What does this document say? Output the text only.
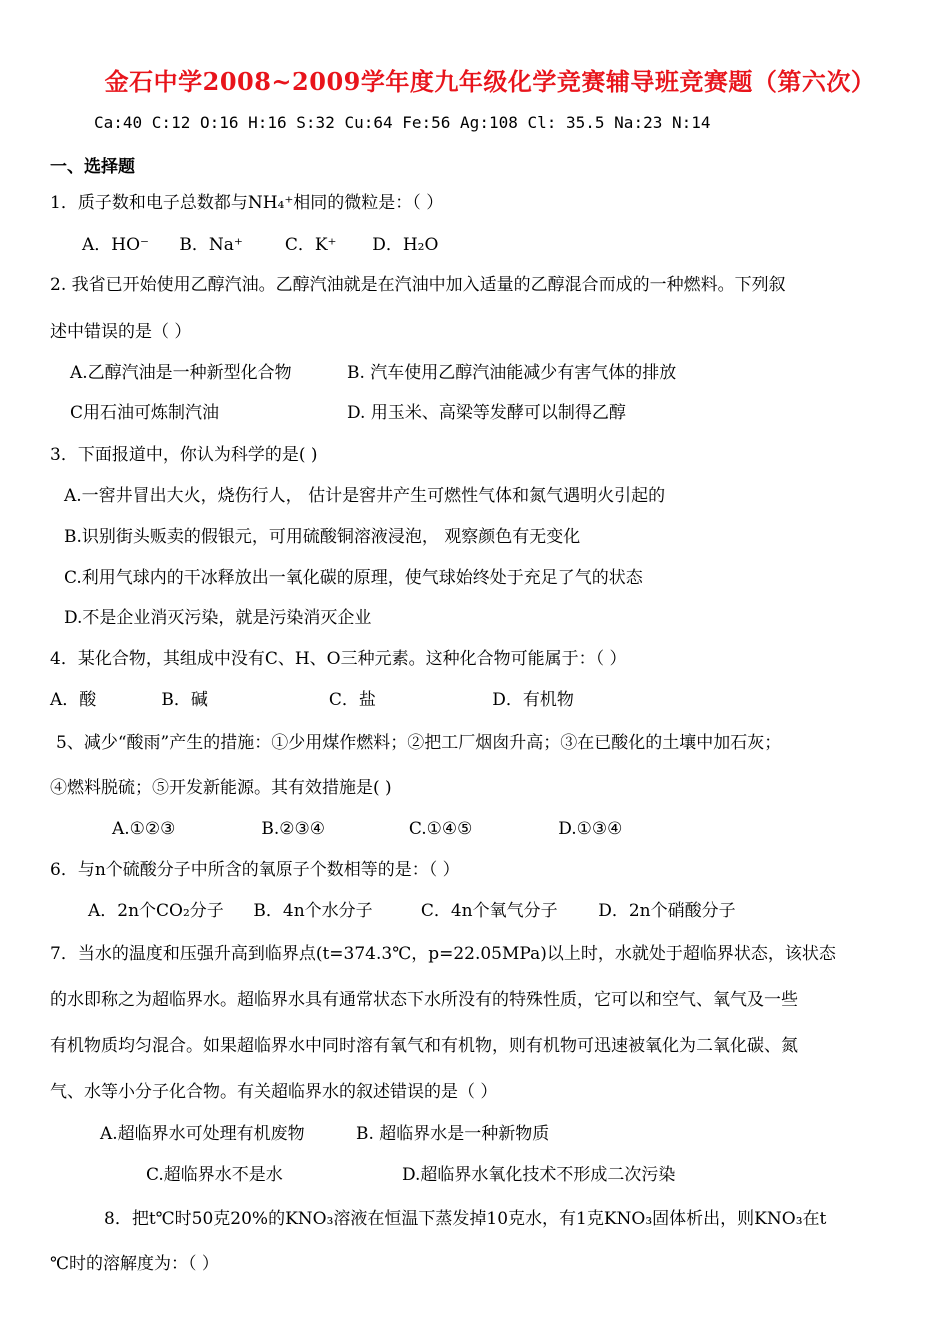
金石中学2008~2009学年度九年级化学竞赛辅导班竞赛题（第六次）
Ca:40 C:12 O:16 H:16 S:32 Cu:64 Fe:56 Ag:108 Cl: 35.5 Na:23 N:14
一、选择题
1．质子数和电子总数都与NH₄⁺相同的微粒是：（ ）
A．HO⁻ B．Na⁺ C．K⁺ D．H₂O
2. 我省已开始使用乙醇汽油。乙醇汽油就是在汽油中加入适量的乙醇混合而成的一种燃料。下列叙
述中错误的是（ ）
A.乙醇汽油是一种新型化合物	B. 汽车使用乙醇汽油能减少有害气体的排放
C用石油可炼制汽油	D. 用玉米、高梁等发酵可以制得乙醇
3．下面报道中，你认为科学的是( )
A.一窖井冒出大火，烧伤行人， 估计是窖井产生可燃性气体和氮气遇明火引起的
B.识别街头贩卖的假银元，可用硫酸铜溶液浸泡， 观察颜色有无变化
C.利用气球内的干冰释放出一氧化碳的原理，使气球始终处于充足了气的状态
D.不是企业消灭污染，就是污染消灭企业
4．某化合物，其组成中没有C、H、O三种元素。这种化合物可能属于：（ ）
A．酸	B．碱	C．盐	D．有机物
5、减少“酸雨”产生的措施：①少用煤作燃料；②把工厂烟囱升高；③在已酸化的土壤中加石灰；
④燃料脱硫；⑤开发新能源。其有效措施是( )
A.①②③	B.②③④	C.①④⑤	D.①③④
6．与n个硫酸分子中所含的氧原子个数相等的是：（ ）
A．2n个CO₂分子 B．4n个水分子	C．4n个氧气分子 D．2n个硝酸分子
7．当水的温度和压强升高到临界点(t=374.3℃，p=22.05MPa)以上时，水就处于超临界状态，该状态
的水即称之为超临界水。超临界水具有通常状态下水所没有的特殊性质，它可以和空气、氧气及一些
有机物质均匀混合。如果超临界水中同时溶有氧气和有机物，则有机物可迅速被氧化为二氧化碳、氮
气、水等小分子化合物。有关超临界水的叙述错误的是（ ）
A.超临界水可处理有机废物	B. 超临界水是一种新物质
C.超临界水不是水	D.超临界水氧化技术不形成二次污染
8．把t℃时50克20%的KNO₃溶液在恒温下蒸发掉10克水，有1克KNO₃固体析出，则KNO₃在t
℃时的溶解度为：（ ）
